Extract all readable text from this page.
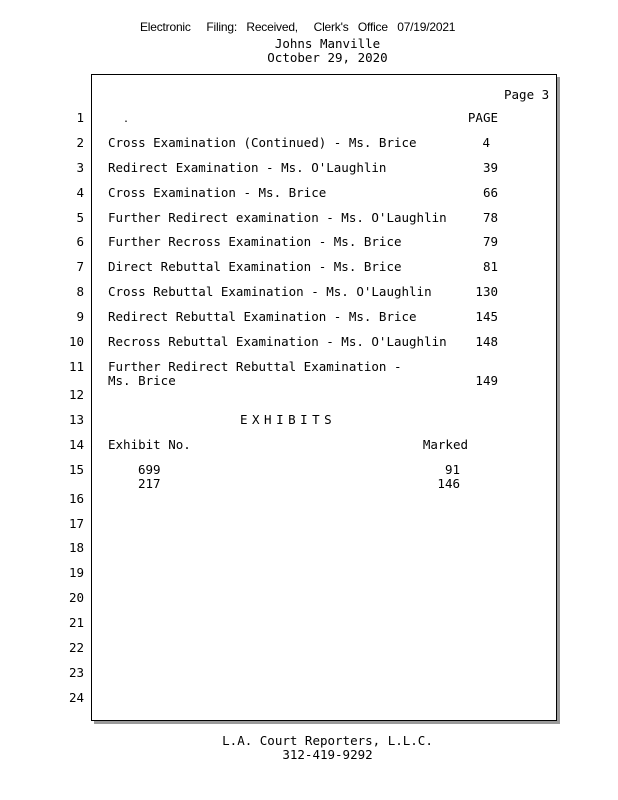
Electronic     Filing:   Received,     Clerk's   Office   07/19/2021
Johns Manville
October 29, 2020
Page 3
.
1
2
3
4
5
6
7
8
9
10
11
12
13
14
15
16
17
18
19
20
21
22
23
24
PAGE
Cross Examination (Continued) - Ms. Brice	4
Redirect Examination - Ms. O'Laughlin	39
Cross Examination - Ms. Brice	66
Further Redirect examination - Ms. O'Laughlin	78
Further Recross Examination - Ms. Brice	79
Direct Rebuttal Examination - Ms. Brice	81
Cross Rebuttal Examination - Ms. O'Laughlin	130
Redirect Rebuttal Examination - Ms. Brice	145
Recross Rebuttal Examination - Ms. O'Laughlin	148
Further Redirect Rebuttal Examination -
Ms. Brice	149
EXHIBITS
Exhibit No.	Marked
699	91
217	146
L.A. Court Reporters, L.L.C.
312-419-9292
